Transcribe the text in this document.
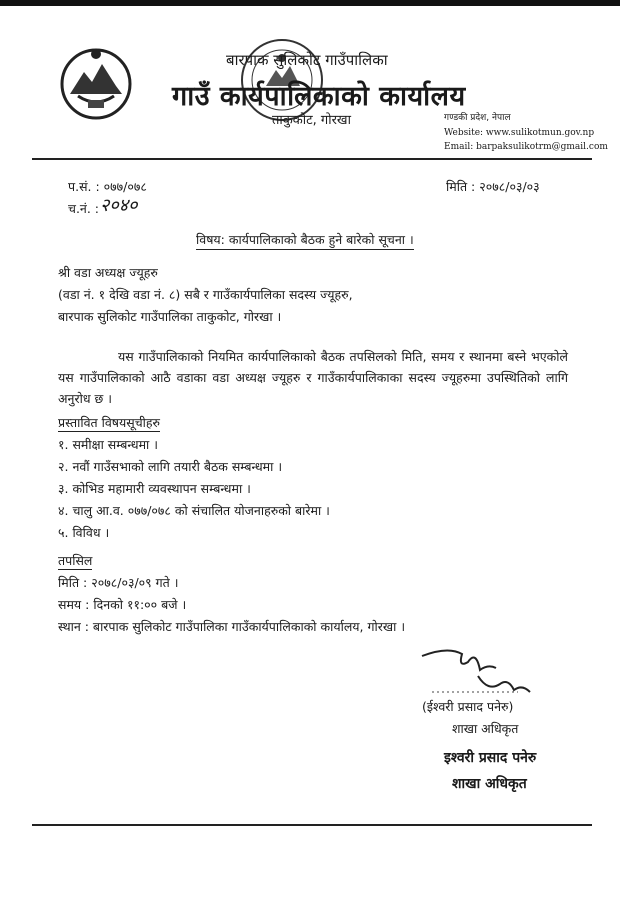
बारपाक सुलिकोट गाउँपालिका
गाउँ कार्यपालिकाको कार्यालय
ताकुकोट, गोरखा	गण्डकी प्रदेश, नेपाल
Website: www.sulikotmun.gov.np
Email: barpaksulikotrm@gmail.com
प.सं. : ०७७/०७८
च.नं. : २०४०
मिति : २०७८/०३/०३
विषय: कार्यपालिकाको बैठक हुने बारेको सूचना ।
श्री वडा अध्यक्ष ज्यूहरु
(वडा नं. १ देखि वडा नं. ८) सबै र गाउँकार्यपालिका सदस्य ज्यूहरु,
बारपाक सुलिकोट गाउँपालिका ताकुकोट, गोरखा ।
यस गाउँपालिकाको नियमित कार्यपालिकाको बैठक तपसिलको मिति, समय र स्थानमा बस्ने भएकोले यस गाउँपालिकाको आठै वडाका वडा अध्यक्ष ज्यूहरु र गाउँकार्यपालिकाका सदस्य ज्यूहरुमा उपस्थितिको लागि अनुरोध छ ।
प्रस्तावित विषयसूचीहरु
१. समीक्षा सम्बन्धमा ।
२. नवौं गाउँसभाको लागि तयारी बैठक सम्बन्धमा ।
३. कोभिड महामारी व्यवस्थापन सम्बन्धमा ।
४. चालु आ.व. ०७७/०७८ को संचालित योजनाहरुको बारेमा ।
५. विविध ।
तपसिल
मिति : २०७८/०३/०९ गते ।
समय : दिनको ११:०० बजे ।
स्थान : बारपाक सुलिकोट गाउँपालिका गाउँकार्यपालिकाको कार्यालय, गोरखा ।
(ईश्वरी प्रसाद पनेरु)
शाखा अधिकृत
इश्वरी प्रसाद पनेरु
शाखा अधिकृत
